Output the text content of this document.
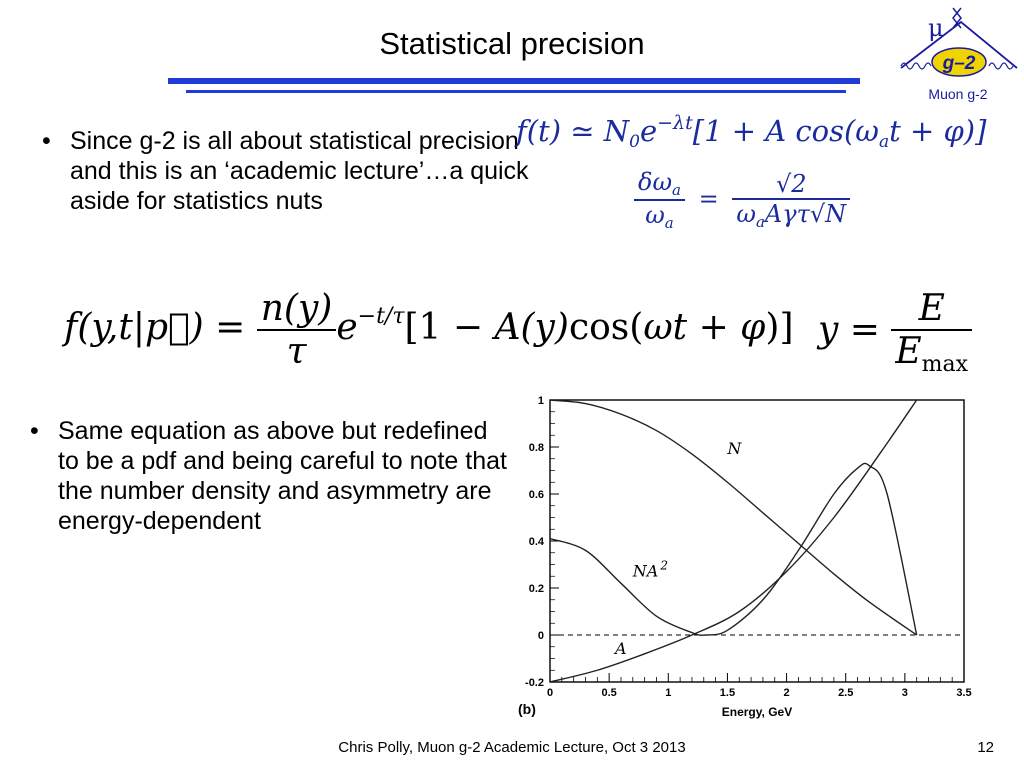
Statistical precision	μ
g–2
Muon g-2
• Since g-2 is all about statistical precision and this is an ‘academic lecture’…a quick aside for statistics nuts
f(t) ≃ $N_0e^{-\lambda t}[1 + A$ $\cos(\omega_at + \varphi)$]
$\frac{\delta\omega_a}{\omega_a} = \frac{√2}{\omega_aA\gamma\tau√N}$
f(y,t|p⃗) = $\frac{n(y)}{\tau} e^{-t/\tau}[1 - A(y)\cos(\omega t + \varphi)] y = \frac{E}{E_{max}}$
• Same equation as above but redefined to be a pdf and being careful to note that the number density and asymmetry are energy-dependent
0	0.5	1	1.5	2	2.5	3	3.5
-0.2
0
0.2
0.4
0.6
0.8
1
N
NA $^2$
A
Energy, GeV
(b)
Chris Polly, Muon g-2 Academic Lecture, Oct 3 2013	12
